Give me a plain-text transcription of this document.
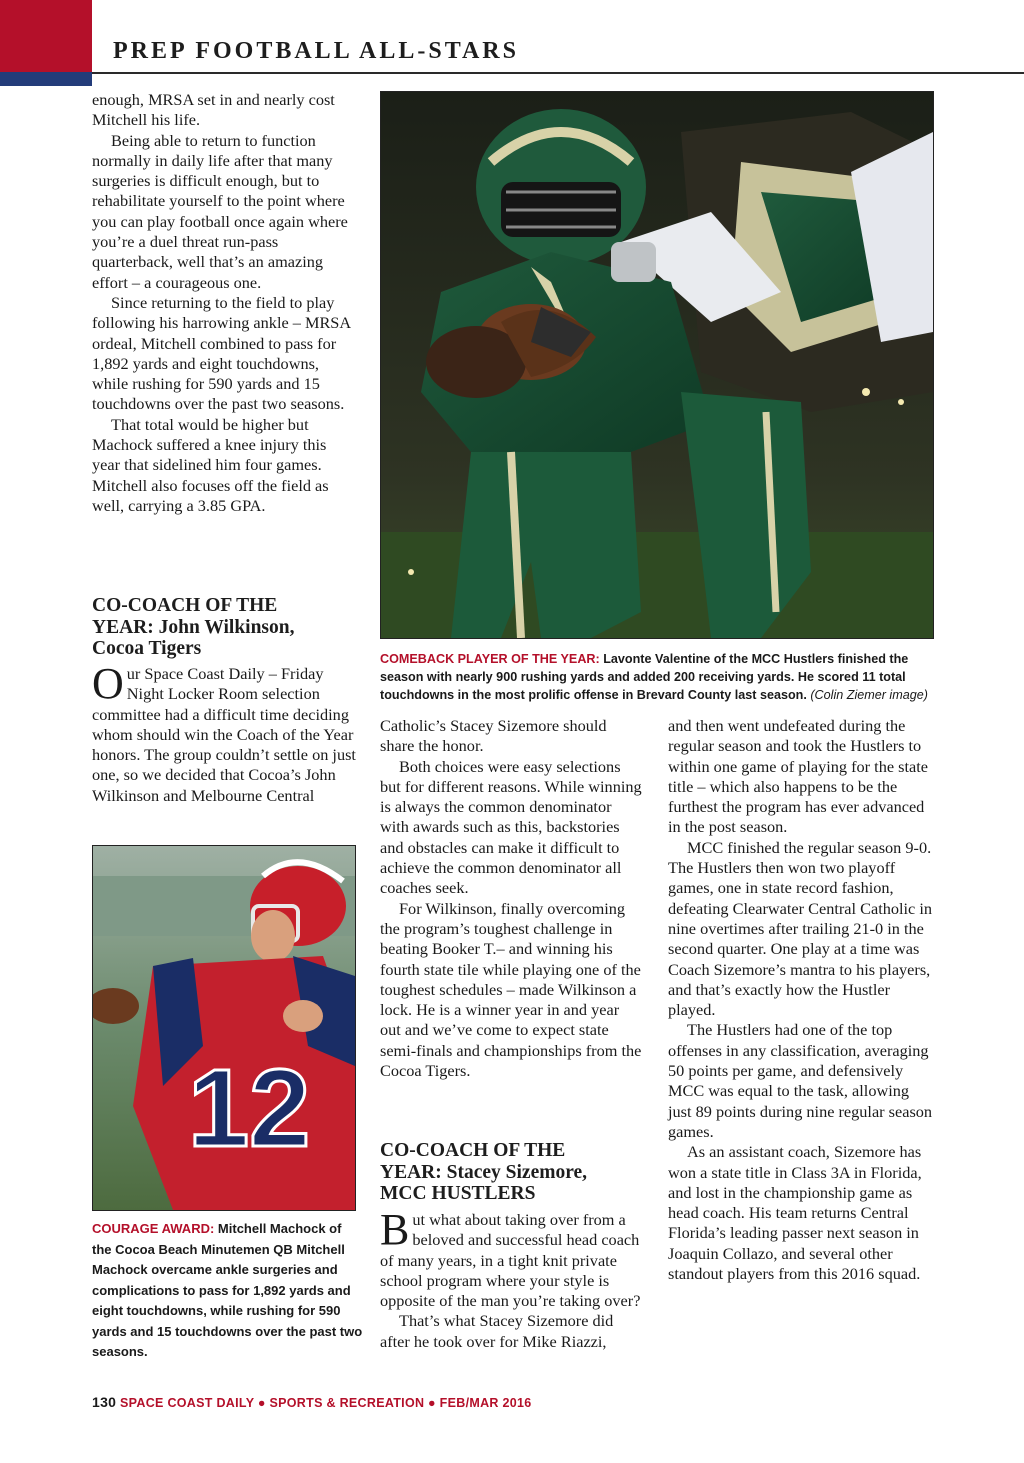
PREP FOOTBALL ALL-STARS

enough, MRSA set in and nearly cost Mitchell his life.

Being able to return to function normally in daily life after that many surgeries is difficult enough, but to rehabilitate yourself to the point where you can play football once again where you’re a duel threat run-pass quarterback, well that’s an amazing effort – a courageous one.

Since returning to the field to play following his harrowing ankle – MRSA ordeal, Mitchell combined to pass for 1,892 yards and eight touchdowns, while rushing for 590 yards and 15 touchdowns over the past two seasons.

That total would be higher but Machock suffered a knee injury this year that sidelined him four games. Mitchell also focuses off the field as well, carrying a 3.85 GPA.

CO-COACH OF THE
YEAR: John Wilkinson,
Cocoa Tigers

Our Space Coast Daily – Friday Night Locker Room selection committee had a difficult time deciding whom should win the Coach of the Year honors. The group couldn’t settle on just one, so we decided that Cocoa’s John Wilkinson and Melbourne Central

COMEBACK PLAYER OF THE YEAR: Lavonte Valentine of the MCC Hustlers finished the season with nearly 900 rushing yards and added 200 receiving yards. He scored 11 total touchdowns in the most prolific offense in Brevard County last season. (Colin Ziemer image)
12
COURAGE AWARD: Mitchell Machock of the Cocoa Beach Minutemen QB Mitchell Machock overcame ankle surgeries and complications to pass for 1,892 yards and eight touchdowns, while rushing for 590 yards and 15 touchdowns over the past two seasons.

Catholic’s Stacey Sizemore should share the honor.

Both choices were easy selections but for different reasons. While winning is always the common denominator with awards such as this, backstories and obstacles can make it difficult to achieve the common denominator all coaches seek.

For Wilkinson, finally overcoming the program’s toughest challenge in beating Booker T.– and winning his fourth state tile while playing one of the toughest schedules – made Wilkinson a lock. He is a winner year in and year out and we’ve come to expect state semi-finals and championships from the Cocoa Tigers.

CO-COACH OF THE
YEAR: Stacey Sizemore,
MCC HUSTLERS

But what about taking over from a beloved and successful head coach of many years, in a tight knit private school program where your style is opposite of the man you’re taking over?

That’s what Stacey Sizemore did after he took over for Mike Riazzi,

and then went undefeated during the regular season and took the Hustlers to within one game of playing for the state title – which also happens to be the furthest the program has ever advanced in the post season.

MCC finished the regular season 9-0. The Hustlers then won two playoff games, one in state record fashion, defeating Clearwater Central Catholic in nine overtimes after trailing 21-0 in the second quarter. One play at a time was Coach Sizemore’s mantra to his players, and that’s exactly how the Hustler played.

The Hustlers had one of the top offenses in any classification, averaging 50 points per game, and defensively MCC was equal to the task, allowing just 89 points during nine regular season games.

As an assistant coach, Sizemore has won a state title in Class 3A in Florida, and lost in the championship game as head coach. His team returns Central Florida’s leading passer next season in Joaquin Collazo, and several other standout players from this 2016 squad.

130 SPACE COAST DAILY ● SPORTS & RECREATION ● FEB/MAR 2016
